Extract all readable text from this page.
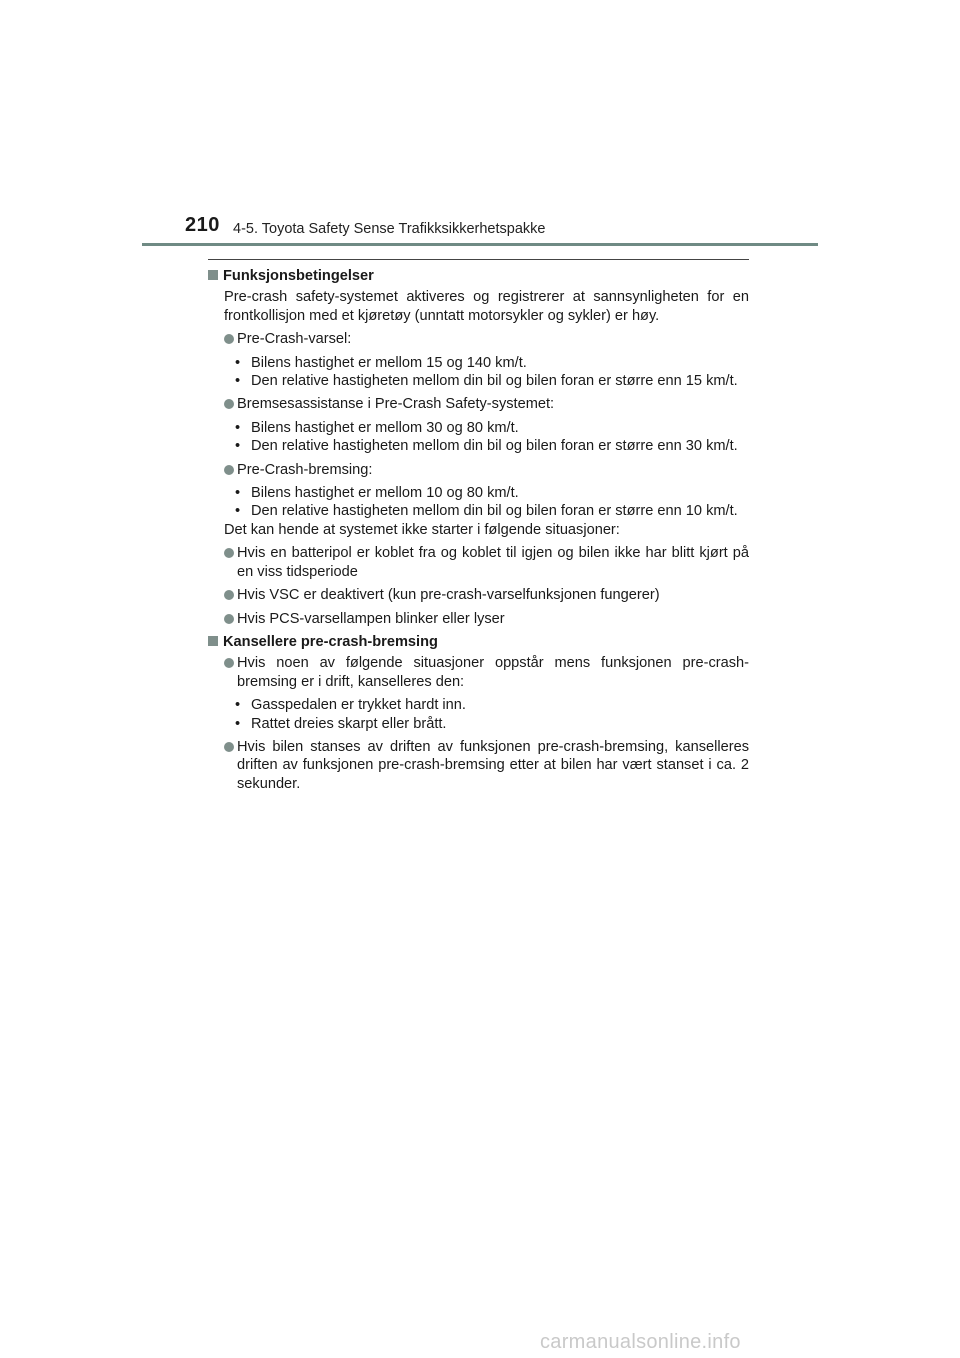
210 4-5. Toyota Safety Sense Trafikksikkerhetspakke
Funksjonsbetingelser
Pre-crash safety-systemet aktiveres og registrerer at sannsynligheten for en frontkollisjon med et kjøretøy (unntatt motorsykler og sykler) er høy.
Pre-Crash-varsel:
• Bilens hastighet er mellom 15 og 140 km/t.
• Den relative hastigheten mellom din bil og bilen foran er større enn 15 km/t.
Bremsesassistanse i Pre-Crash Safety-systemet:
• Bilens hastighet er mellom 30 og 80 km/t.
• Den relative hastigheten mellom din bil og bilen foran er større enn 30 km/t.
Pre-Crash-bremsing:
• Bilens hastighet er mellom 10 og 80 km/t.
• Den relative hastigheten mellom din bil og bilen foran er større enn 10 km/t.
Det kan hende at systemet ikke starter i følgende situasjoner:
Hvis en batteripol er koblet fra og koblet til igjen og bilen ikke har blitt kjørt på en viss tidsperiode
Hvis VSC er deaktivert (kun pre-crash-varselfunksjonen fungerer)
Hvis PCS-varsellampen blinker eller lyser
Kansellere pre-crash-bremsing
Hvis noen av følgende situasjoner oppstår mens funksjonen pre-crash-bremsing er i drift, kanselleres den:
• Gasspedalen er trykket hardt inn.
• Rattet dreies skarpt eller brått.
Hvis bilen stanses av driften av funksjonen pre-crash-bremsing, kanselleres driften av funksjonen pre-crash-bremsing etter at bilen har vært stanset i ca. 2 sekunder.
carmanualsonline.info
